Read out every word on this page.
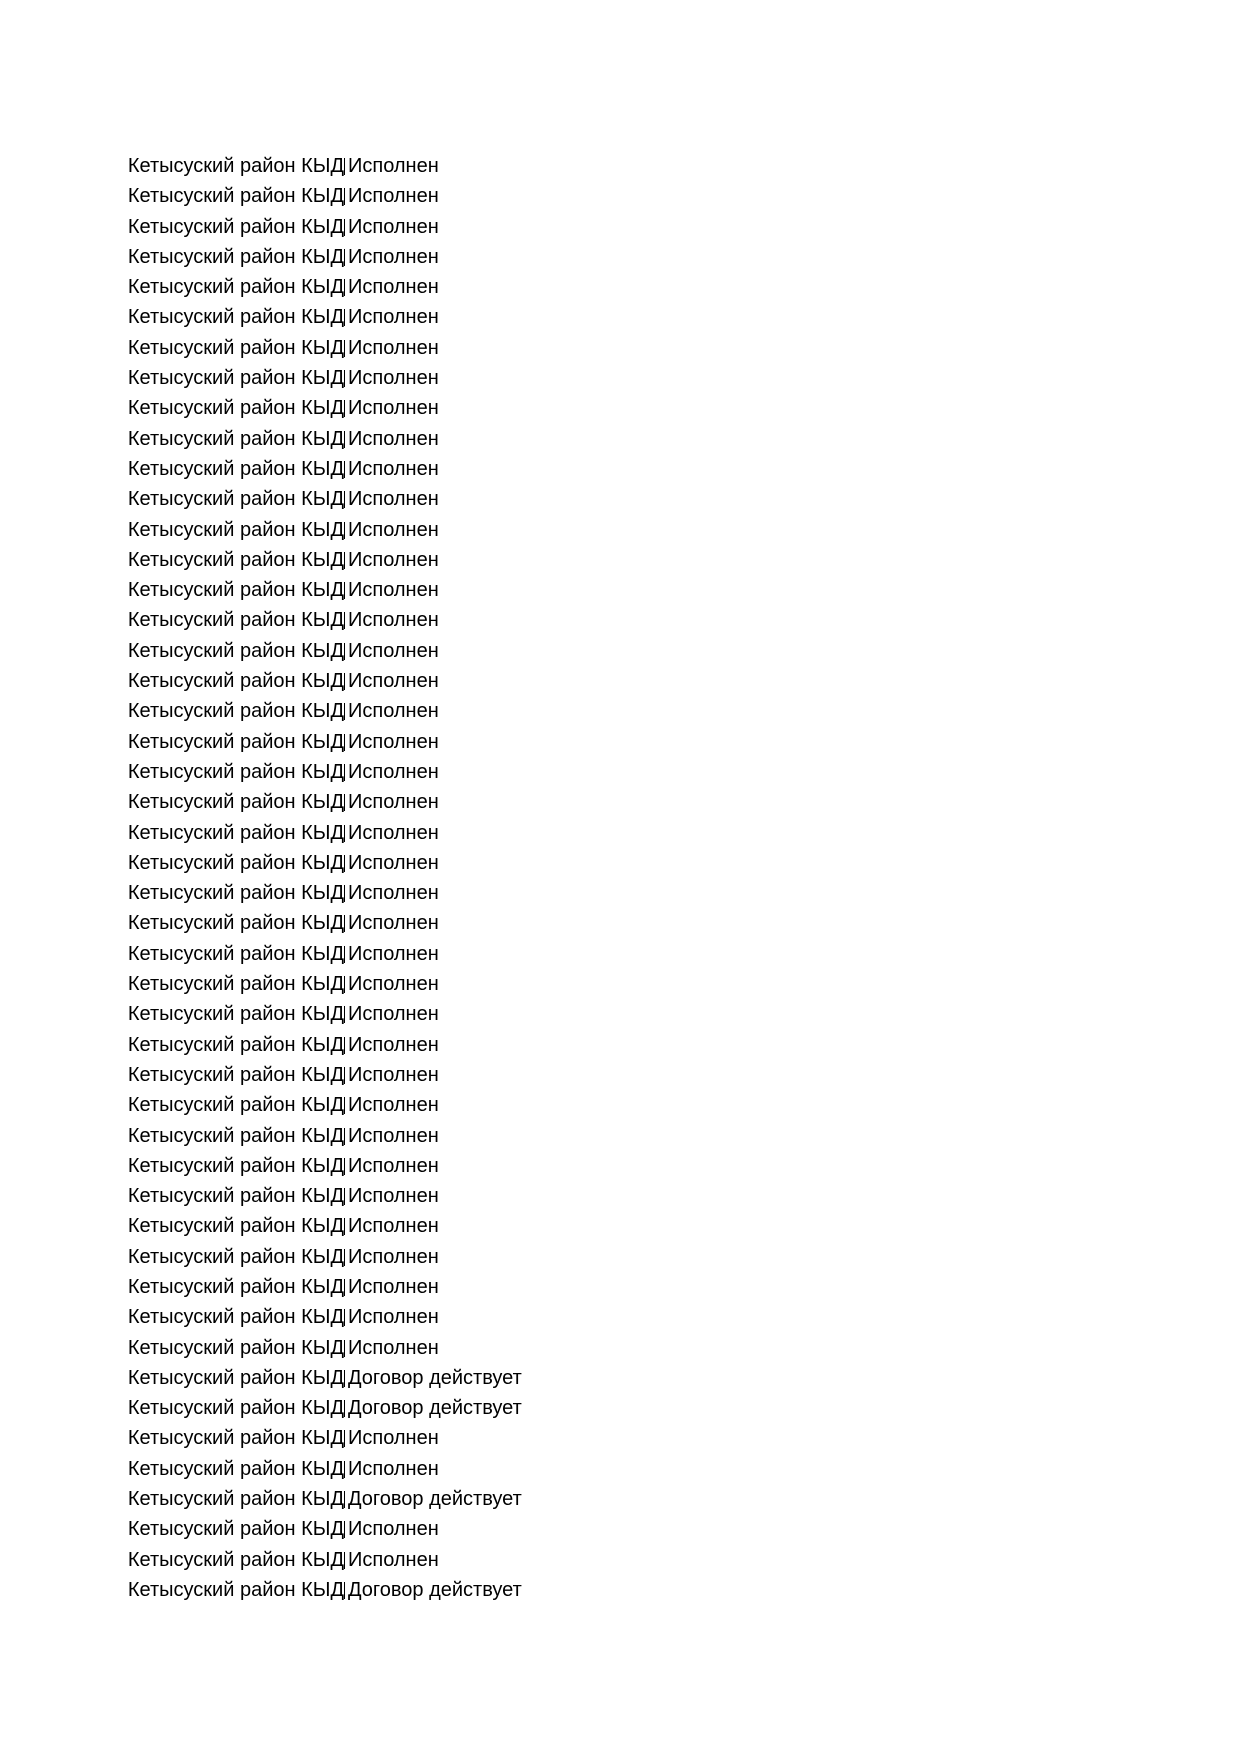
Кетысуский район КЫД Исполнен
Кетысуский район КЫД Исполнен
Кетысуский район КЫД Исполнен
Кетысуский район КЫД Исполнен
Кетысуский район КЫД Исполнен
Кетысуский район КЫД Исполнен
Кетысуский район КЫД Исполнен
Кетысуский район КЫД Исполнен
Кетысуский район КЫД Исполнен
Кетысуский район КЫД Исполнен
Кетысуский район КЫД Исполнен
Кетысуский район КЫД Исполнен
Кетысуский район КЫД Исполнен
Кетысуский район КЫД Исполнен
Кетысуский район КЫД Исполнен
Кетысуский район КЫД Исполнен
Кетысуский район КЫД Исполнен
Кетысуский район КЫД Исполнен
Кетысуский район КЫД Исполнен
Кетысуский район КЫД Исполнен
Кетысуский район КЫД Исполнен
Кетысуский район КЫД Исполнен
Кетысуский район КЫД Исполнен
Кетысуский район КЫД Исполнен
Кетысуский район КЫД Исполнен
Кетысуский район КЫД Исполнен
Кетысуский район КЫД Исполнен
Кетысуский район КЫД Исполнен
Кетысуский район КЫД Исполнен
Кетысуский район КЫД Исполнен
Кетысуский район КЫД Исполнен
Кетысуский район КЫД Исполнен
Кетысуский район КЫД Исполнен
Кетысуский район КЫД Исполнен
Кетысуский район КЫД Исполнен
Кетысуский район КЫД Исполнен
Кетысуский район КЫД Исполнен
Кетысуский район КЫД Исполнен
Кетысуский район КЫД Исполнен
Кетысуский район КЫД Исполнен
Кетысуский район КЫД Договор действует
Кетысуский район КЫД Договор действует
Кетысуский район КЫД Исполнен
Кетысуский район КЫД Исполнен
Кетысуский район КЫД Договор действует
Кетысуский район КЫД Исполнен
Кетысуский район КЫД Исполнен
Кетысуский район КЫД Договор действует
